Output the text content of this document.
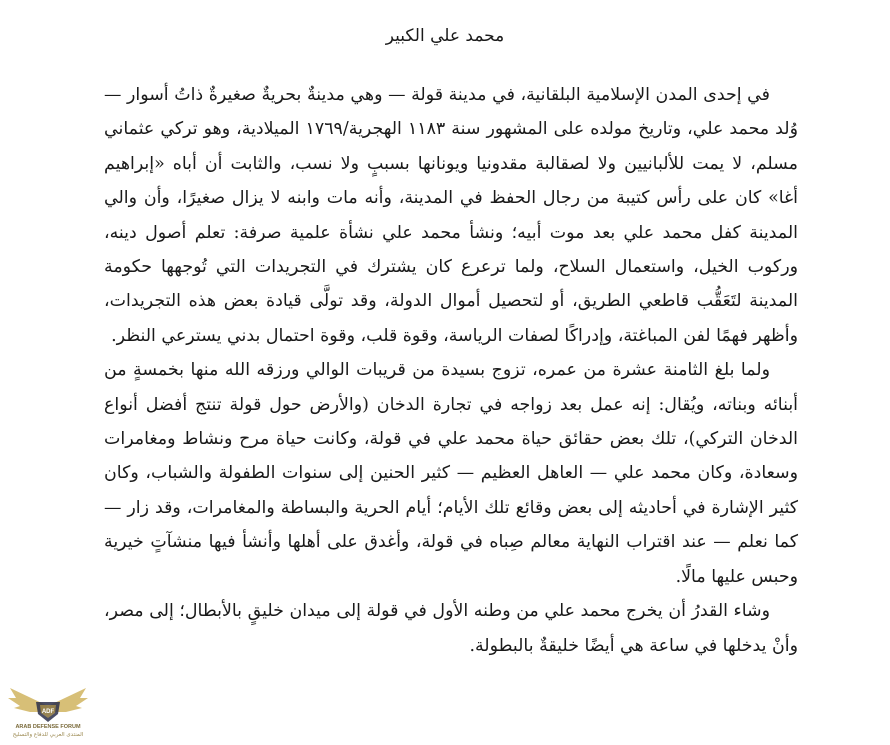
محمد علي الكبير

في إحدى المدن الإسلامية البلقانية، في مدينة قولة — وهي مدينةٌ بحريةٌ صغيرةٌ ذاتُ أسوار — وُلد محمد علي، وتاريخ مولده على المشهور سنة ١١٨٣ الهجرية/١٧٦٩ الميلادية، وهو تركي عثماني مسلم، لا يمت للألبانيين ولا لصقالبة مقدونيا ويونانها بسببٍ ولا نسب، والثابت أن أباه «إبراهيم أغا» كان على رأس كتيبة من رجال الحفظ في المدينة، وأنه مات وابنه لا يزال صغيرًا، وأن والي المدينة كفل محمد علي بعد موت أبيه؛ ونشأ محمد علي نشأة علمية صرفة: تعلم أصول دينه، وركوب الخيل، واستعمال السلاح، ولما ترعرع كان يشترك في التجريدات التي تُوجهها حكومة المدينة لتَعَقُّب قاطعي الطريق، أو لتحصيل أموال الدولة، وقد تولَّى قيادة بعض هذه التجريدات، وأظهر فهمًا لفن المباغتة، وإدراكًا لصفات الرياسة، وقوة قلب، وقوة احتمال بدني يسترعي النظر.

ولما بلغ الثامنة عشرة من عمره، تزوج بسيدة من قريبات الوالي ورزقه الله منها بخمسةٍ من أبنائه وبناته، ويُقال: إنه عمل بعد زواجه في تجارة الدخان (والأرض حول قولة تنتج أفضل أنواع الدخان التركي)، تلك بعض حقائق حياة محمد علي في قولة، وكانت حياة مرح ونشاط ومغامرات وسعادة، وكان محمد علي — العاهل العظيم — كثير الحنين إلى سنوات الطفولة والشباب، وكان كثير الإشارة في أحاديثه إلى بعض وقائع تلك الأيام؛ أيام الحرية والبساطة والمغامرات، وقد زار — كما نعلم — عند اقتراب النهاية معالم صِباه في قولة، وأغدق على أهلها وأنشأ فيها منشآتٍ خيرية وحبس عليها مالًا.

وشاء القدرُ أن يخرج محمد علي من وطنه الأول في قولة إلى ميدان خليقٍ بالأبطال؛ إلى مصر، وأنْ يدخلها في ساعة هي أيضًا خليقةٌ بالبطولة.

ADF
ARAB DEFENSE FORUM
المنتدى العربي للدفاع والتسليح
